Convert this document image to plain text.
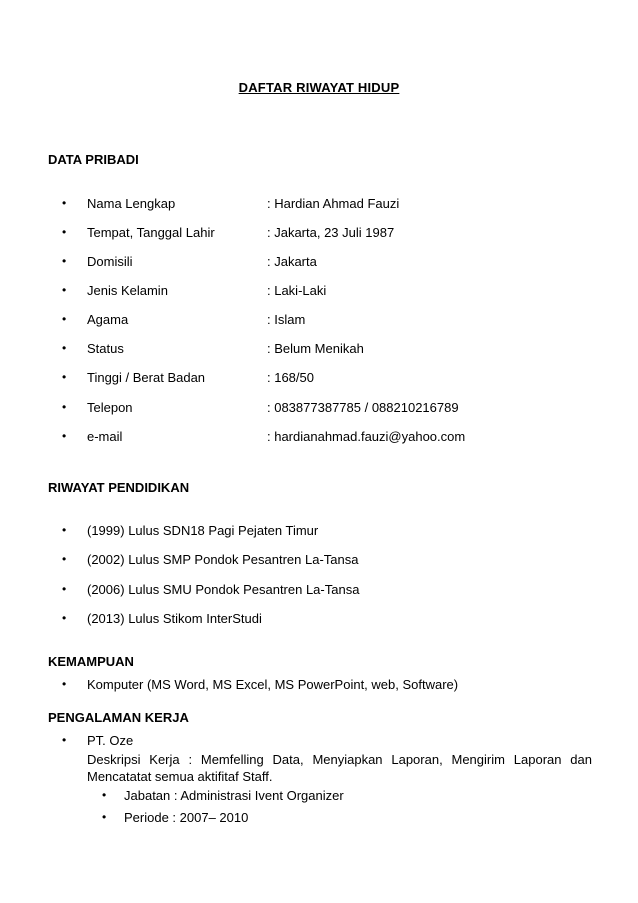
DAFTAR RIWAYAT HIDUP
DATA PRIBADI
•	Nama Lengkap	: Hardian Ahmad Fauzi
•	Tempat, Tanggal Lahir	: Jakarta, 23 Juli 1987
•	Domisili	: Jakarta
•	Jenis Kelamin	: Laki-Laki
•	Agama	: Islam
•	Status	: Belum Menikah
•	Tinggi / Berat Badan	: 168/50
•	Telepon	: 083877387785 / 088210216789
•	e-mail	: hardianahmad.fauzi@yahoo.com
RIWAYAT PENDIDIKAN
•	(1999) Lulus SDN18 Pagi Pejaten Timur
•	(2002) Lulus SMP Pondok Pesantren La-Tansa
•	(2006) Lulus SMU Pondok Pesantren La-Tansa
•	(2013) Lulus Stikom InterStudi
KEMAMPUAN
•	Komputer (MS Word, MS Excel, MS PowerPoint, web, Software)
PENGALAMAN KERJA
•	PT. Oze
Deskripsi Kerja : Memfelling Data, Menyiapkan Laporan, Mengirim Laporan dan Mencatatat semua aktifitaf Staff.
•	Jabatan : Administrasi Ivent Organizer
•	Periode : 2007– 2010
